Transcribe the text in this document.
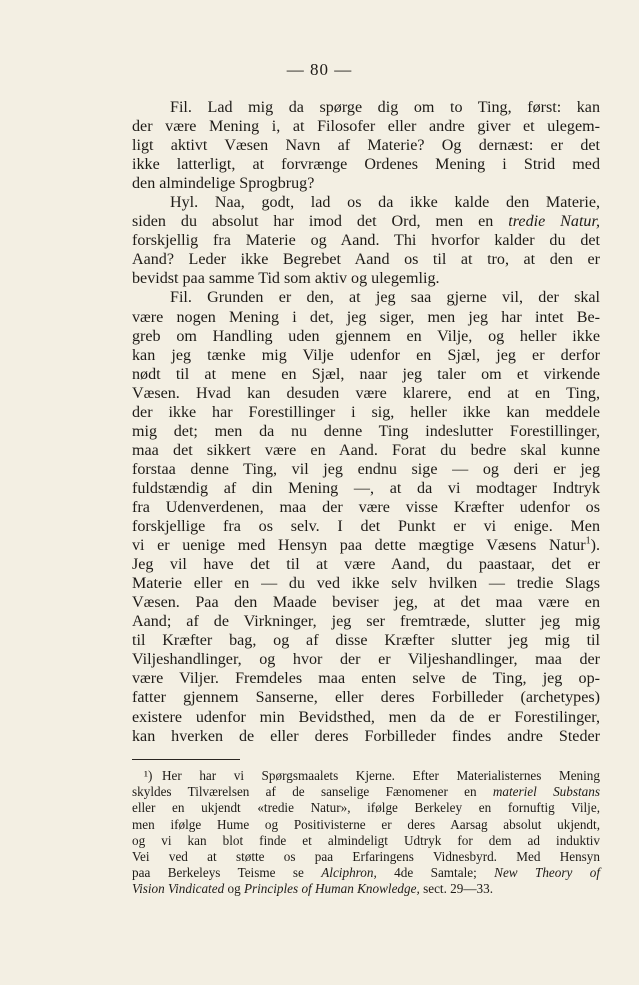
— 80 —
Fil. Lad mig da spørge dig om to Ting, først: kan
der være Mening i, at Filosofer eller andre giver et ulegem-
ligt aktivt Væsen Navn af Materie? Og dernæst: er det
ikke latterligt, at forvrænge Ordenes Mening i Strid med
den almindelige Sprogbrug?
Hyl. Naa, godt, lad os da ikke kalde den Materie,
siden du absolut har imod det Ord, men en tredie Natur,
forskjellig fra Materie og Aand. Thi hvorfor kalder du det
Aand? Leder ikke Begrebet Aand os til at tro, at den er
bevidst paa samme Tid som aktiv og ulegemlig.
Fil. Grunden er den, at jeg saa gjerne vil, der skal
være nogen Mening i det, jeg siger, men jeg har intet Be-
greb om Handling uden gjennem en Vilje, og heller ikke
kan jeg tænke mig Vilje udenfor en Sjæl, jeg er derfor
nødt til at mene en Sjæl, naar jeg taler om et virkende
Væsen. Hvad kan desuden være klarere, end at en Ting,
der ikke har Forestillinger i sig, heller ikke kan meddele
mig det; men da nu denne Ting indeslutter Forestillinger,
maa det sikkert være en Aand. Forat du bedre skal kunne
forstaa denne Ting, vil jeg endnu sige — og deri er jeg
fuldstændig af din Mening —, at da vi modtager Indtryk
fra Udenverdenen, maa der være visse Kræfter udenfor os
forskjellige fra os selv. I det Punkt er vi enige. Men
vi er uenige med Hensyn paa dette mægtige Væsens Natur$^1$).
Jeg vil have det til at være Aand, du paastaar, det er
Materie eller en — du ved ikke selv hvilken — tredie Slags
Væsen. Paa den Maade beviser jeg, at det maa være en
Aand; af de Virkninger, jeg ser fremtræde, slutter jeg mig
til Kræfter bag, og af disse Kræfter slutter jeg mig til
Viljeshandlinger, og hvor der er Viljeshandlinger, maa der
være Viljer. Fremdeles maa enten selve de Ting, jeg op-
fatter gjennem Sanserne, eller deres Forbilleder (archetypes)
existere udenfor min Bevidsthed, men da de er Forestilinger,
kan hverken de eller deres Forbilleder findes andre Steder
¹) Her har vi Spørgsmaalets Kjerne. Efter Materialisternes Mening
skyldes Tilværelsen af de sanselige Fænomener en materiel Substans
eller en ukjendt «tredie Natur», ifølge Berkeley en fornuftig Vilje,
men ifølge Hume og Positivisterne er deres Aarsag absolut ukjendt,
og vi kan blot finde et almindeligt Udtryk for dem ad induktiv
Vei ved at støtte os paa Erfaringens Vidnesbyrd. Med Hensyn
paa Berkeleys Teisme se Alciphron, 4de Samtale; New Theory of
Vision Vindicated og Principles of Human Knowledge, sect. 29—33.
